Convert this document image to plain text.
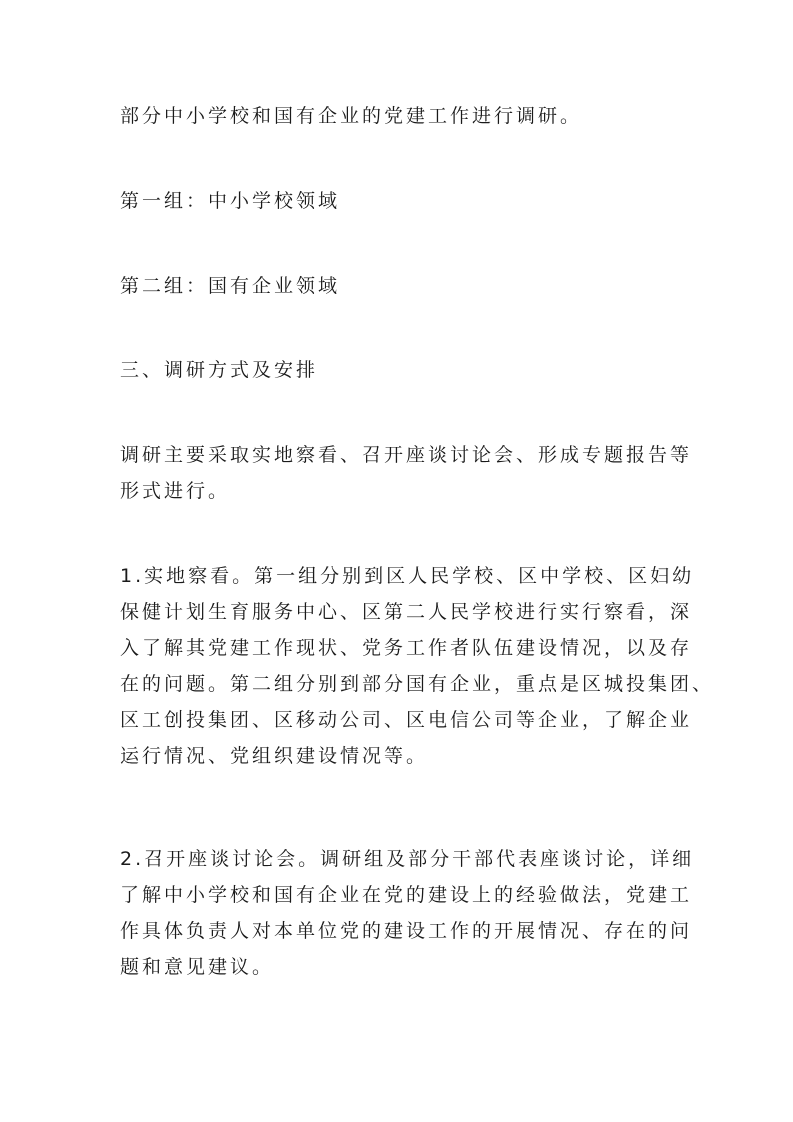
部分中小学校和国有企业的党建工作进行调研。

第一组：中小学校领域

第二组：国有企业领域

三、调研方式及安排

调研主要采取实地察看、召开座谈讨论会、形成专题报告等
形式进行。

1.实地察看。第一组分别到区人民学校、区中学校、区妇幼
保健计划生育服务中心、区第二人民学校进行实行察看，深
入了解其党建工作现状、党务工作者队伍建设情况，以及存
在的问题。第二组分别到部分国有企业，重点是区城投集团、
区工创投集团、区移动公司、区电信公司等企业，了解企业
运行情况、党组织建设情况等。

2.召开座谈讨论会。调研组及部分干部代表座谈讨论，详细
了解中小学校和国有企业在党的建设上的经验做法，党建工
作具体负责人对本单位党的建设工作的开展情况、存在的问
题和意见建议。
